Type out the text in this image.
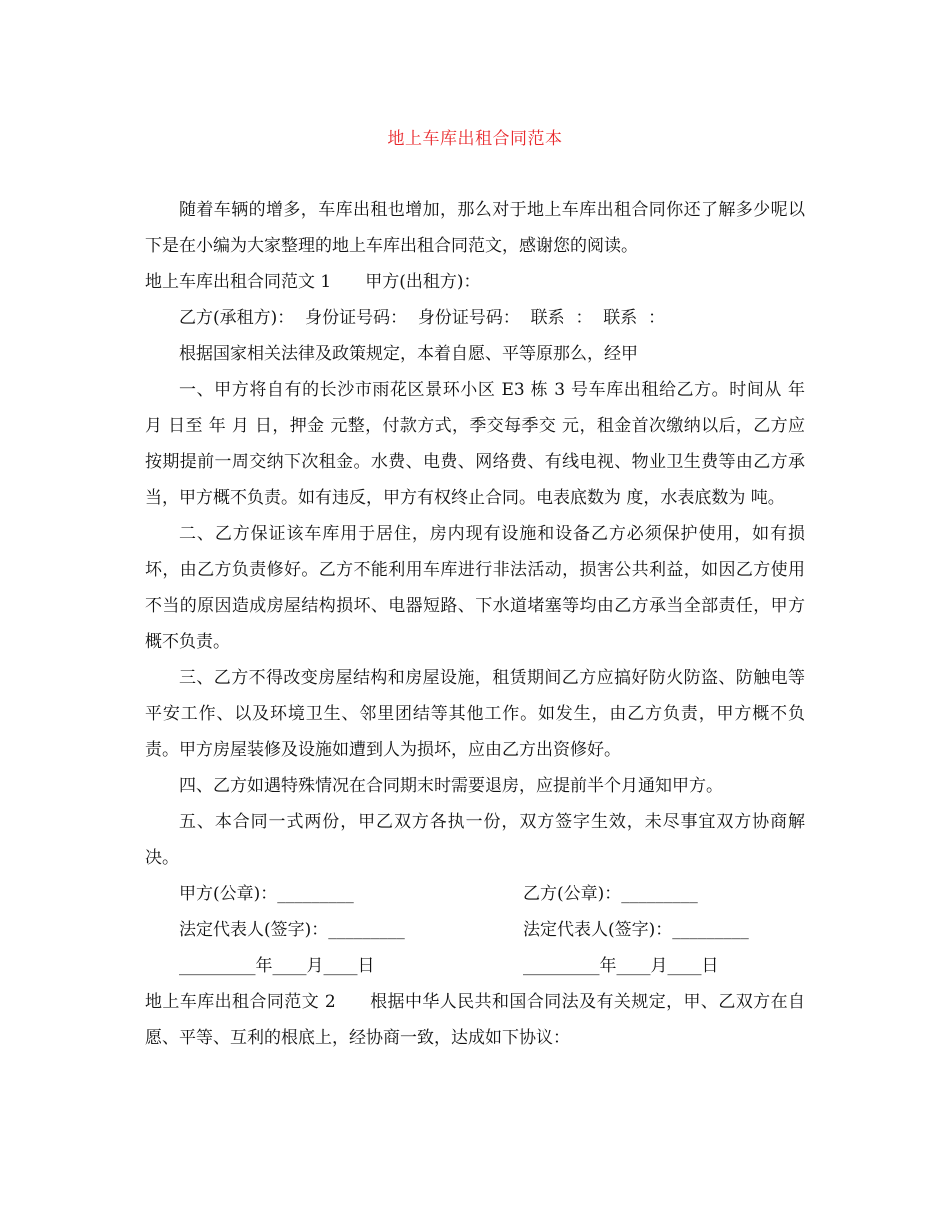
地上车库出租合同范本

随着车辆的增多，车库出租也增加，那么对于地上车库出租合同你还了解多少呢以下是在小编为大家整理的地上车库出租合同范文，感谢您的阅读。

地上车库出租合同范文 1 甲方(出租方)：

乙方(承租方)：  身份证号码：  身份证号码：  联系  ：  联系  ：

根据国家相关法律及政策规定，本着自愿、平等原那么，经甲

一、甲方将自有的长沙市雨花区景环小区 E3 栋 3 号车库出租给乙方。时间从 年 月 日至 年 月 日，押金 元整，付款方式，季交每季交 元，租金首次缴纳以后，乙方应按期提前一周交纳下次租金。水费、电费、网络费、有线电视、物业卫生费等由乙方承当，甲方概不负责。如有违反，甲方有权终止合同。电表底数为 度，水表底数为 吨。

二、乙方保证该车库用于居住，房内现有设施和设备乙方必须保护使用，如有损坏，由乙方负责修好。乙方不能利用车库进行非法活动，损害公共利益，如因乙方使用不当的原因造成房屋结构损坏、电器短路、下水道堵塞等均由乙方承当全部责任，甲方概不负责。

三、乙方不得改变房屋结构和房屋设施，租赁期间乙方应搞好防火防盗、防触电等平安工作、以及环境卫生、邻里团结等其他工作。如发生，由乙方负责，甲方概不负责。甲方房屋装修及设施如遭到人为损坏，应由乙方出资修好。

四、乙方如遇特殊情况在合同期末时需要退房，应提前半个月通知甲方。

五、本合同一式两份，甲乙双方各执一份，双方签字生效，未尽事宜双方协商解决。

甲方(公章)：_________	乙方(公章)：_________
法定代表人(签字)：_________	法定代表人(签字)：_________
_________年____月____日	_________年____月____日

地上车库出租合同范文 2 根据中华人民共和国合同法及有关规定，甲、乙双方在自愿、平等、互利的根底上，经协商一致，达成如下协议：
